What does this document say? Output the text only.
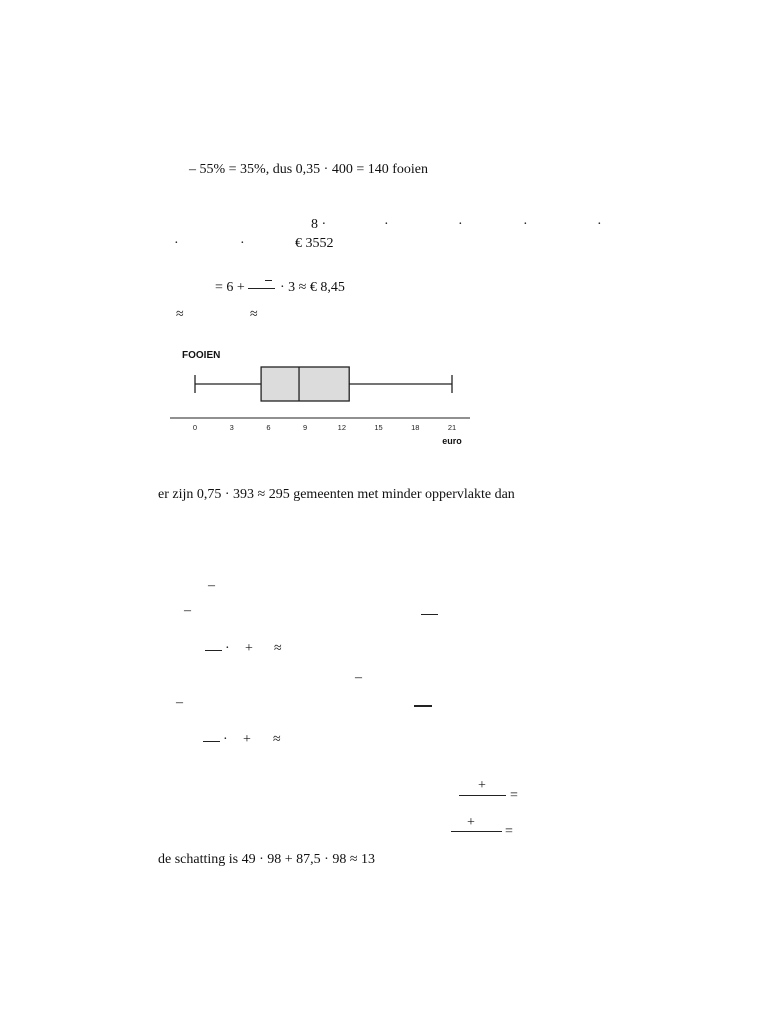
– 55% = 35%, dus 0,35 · 400 = 140 fooien
8 ·	·	·	·	·
·	·	€ 3552
= 6 +	· 3 ≈ € 8,45
≈	≈
FOOIEN
0	3	6	9	12	15	18	21
euro
er zijn 0,75 · 393 ≈ 295 gemeenten met minder oppervlakte dan
–
–
· + ≈
–
–
· + ≈
+
=
+
=
de schatting is 49 · 98 + 87,5 · 98 ≈ 13
